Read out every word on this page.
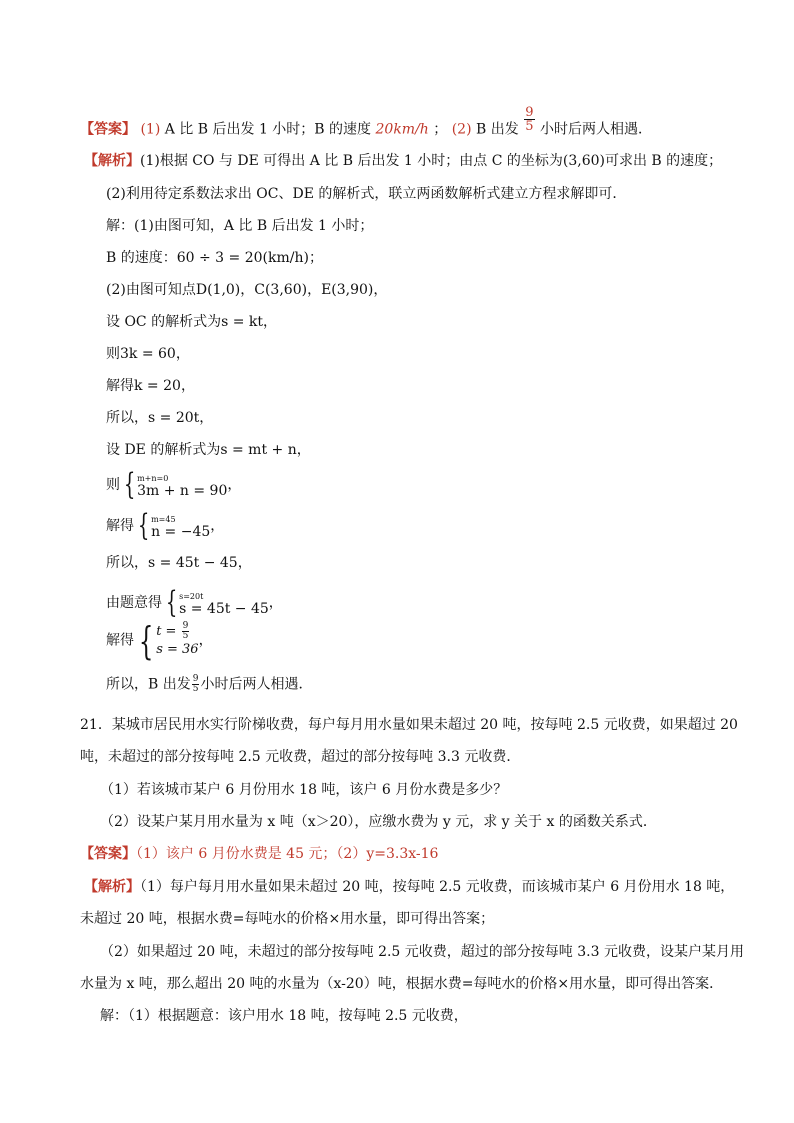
【答案】 (1) A 比 B 后出发 1 小时；B 的速度 20km/h ； (2) B 出发 $\frac{9}{5}$ 小时后两人相遇．
【解析】(1)根据 CO 与 DE 可得出 A 比 B 后出发 1 小时；由点 C 的坐标为(3,60)可求出 B 的速度；
(2)利用待定系数法求出 OC、DE 的解析式，联立两函数解析式建立方程求解即可．
解：(1)由图可知，A 比 B 后出发 1 小时；
B 的速度：60 ÷ 3 = 20(km/h)；
(2)由图可知点D(1,0)，C(3,60)，E(3,90)，
设 OC 的解析式为s = kt，
则3k = 60，
解得k = 20，
所以，s = 20t，
设 DE 的解析式为s = mt + n，
则 { m+n=0
3m + n = 90 ，
解得 { m=45
n = −45 ，
所以，s = 45t − 45，
由题意得 { s=20t
s = 45t − 45 ，
解得 { $t = \frac{9}{5}$
s = 36
，
所以，B 出发 $\frac{9}{5}$ 小时后两人相遇．
21．某城市居民用水实行阶梯收费，每户每月用水量如果未超过 20 吨，按每吨 2.5 元收费，如果超过 20
吨，未超过的部分按每吨 2.5 元收费，超过的部分按每吨 3.3 元收费．
（1）若该城市某户 6 月份用水 18 吨，该户 6 月份水费是多少？
（2）设某户某月用水量为 x 吨（x＞20），应缴水费为 y 元，求 y 关于 x 的函数关系式．
【答案】（1）该户 6 月份水费是 45 元；（2）y=3.3x-16
【解析】（1）每户每月用水量如果未超过 20 吨，按每吨 2.5 元收费，而该城市某户 6 月份用水 18 吨，
未超过 20 吨，根据水费=每吨水的价格×用水量，即可得出答案；
（2）如果超过 20 吨，未超过的部分按每吨 2.5 元收费，超过的部分按每吨 3.3 元收费，设某户某月用
水量为 x 吨，那么超出 20 吨的水量为（x-20）吨，根据水费=每吨水的价格×用水量，即可得出答案．
解：（1）根据题意：该户用水 18 吨，按每吨 2.5 元收费，
